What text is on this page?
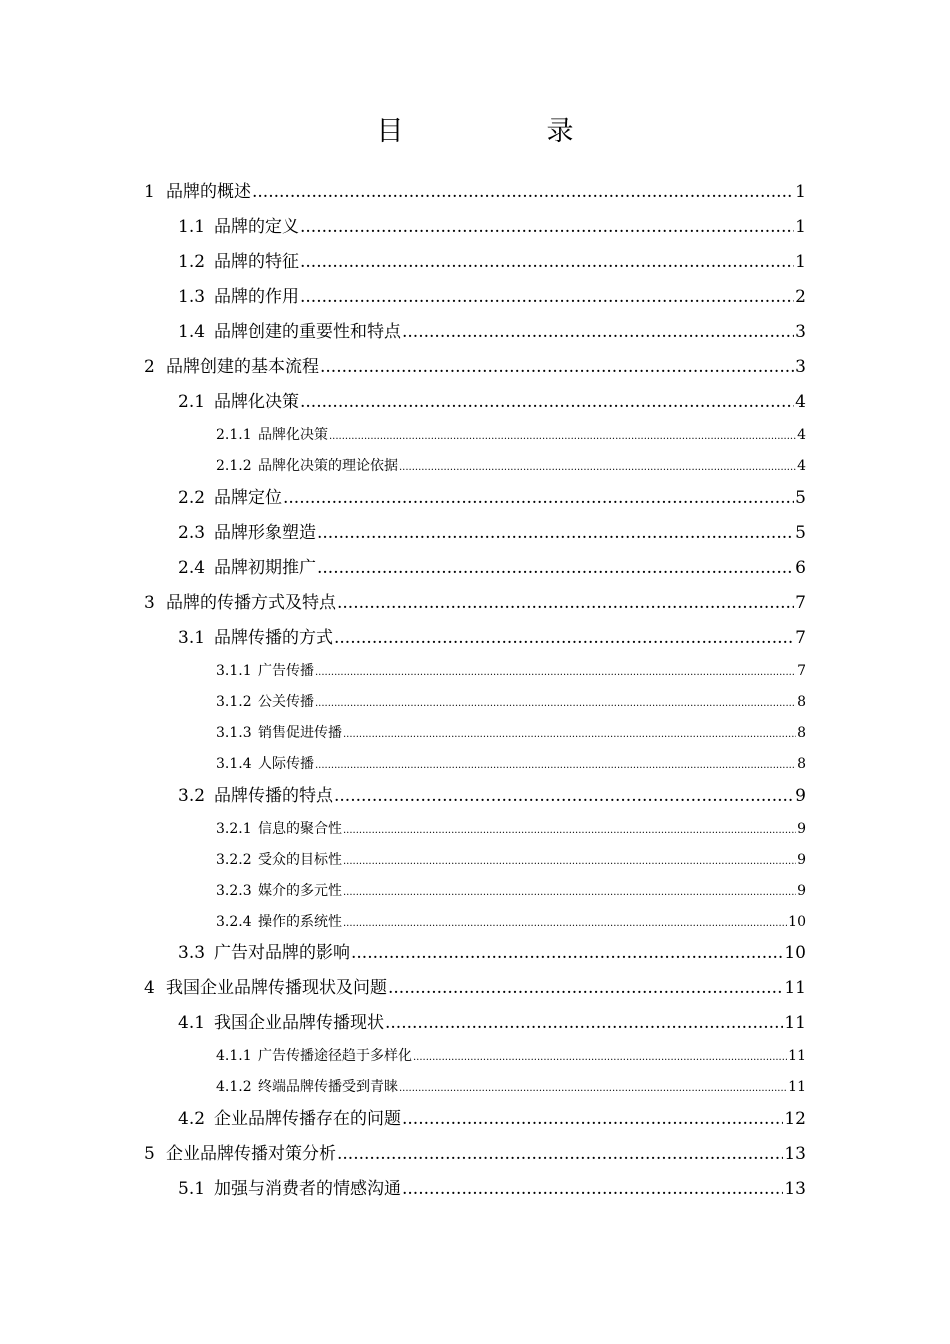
目　录
1 品牌的概述 .....	1
1.1 品牌的定义 .....	1
1.2 品牌的特征 .....	1
1.3 品牌的作用 .....	2
1.4 品牌创建的重要性和特点 .....	3
2 品牌创建的基本流程 .....	3
2.1 品牌化决策 .....	4
2.1.1 品牌化决策 .....	4
2.1.2 品牌化决策的理论依据 .....	4
2.2 品牌定位 .....	5
2.3 品牌形象塑造 .....	5
2.4 品牌初期推广 .....	6
3 品牌的传播方式及特点 .....	7
3.1 品牌传播的方式 .....	7
3.1.1 广告传播 .....	7
3.1.2 公关传播 .....	8
3.1.3 销售促进传播 .....	8
3.1.4 人际传播 .....	8
3.2 品牌传播的特点 .....	9
3.2.1 信息的聚合性 .....	9
3.2.2 受众的目标性 .....	9
3.2.3 媒介的多元性 .....	9
3.2.4 操作的系统性 .....	10
3.3 广告对品牌的影响 .....	10
4 我国企业品牌传播现状及问题 .....	11
4.1 我国企业品牌传播现状 .....	11
4.1.1 广告传播途径趋于多样化 .....	11
4.1.2 终端品牌传播受到青睐 .....	11
4.2 企业品牌传播存在的问题 .....	12
5 企业品牌传播对策分析 .....	13
5.1 加强与消费者的情感沟通 .....	13
